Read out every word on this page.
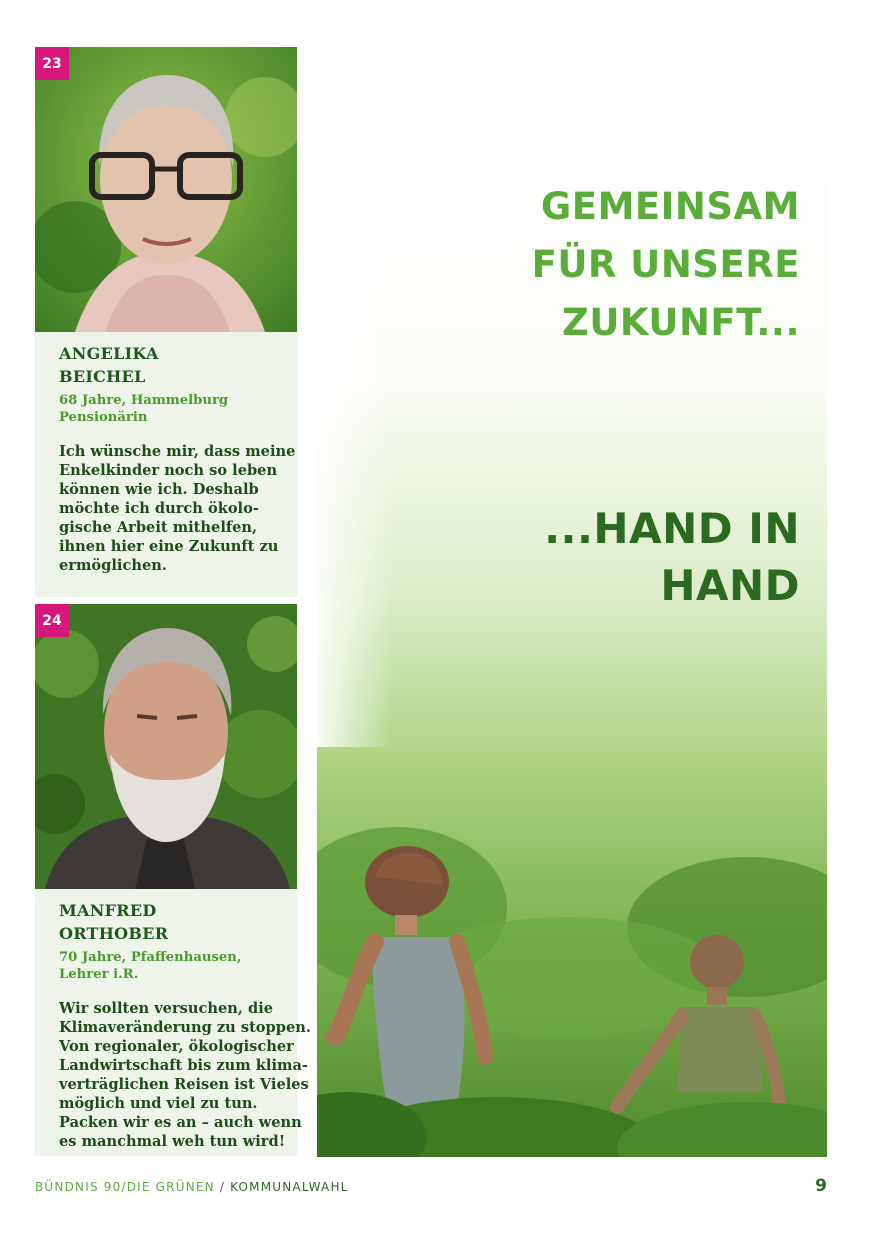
23

ANGELIKA
BEICHEL

68 Jahre, Hammelburg
Pensionärin

Ich wünsche mir, dass meine
Enkelkinder noch so leben
können wie ich. Deshalb
möchte ich durch ökolo-
gische Arbeit mithelfen,
ihnen hier eine Zukunft zu
ermöglichen.

24

MANFRED
ORTHOBER

70 Jahre, Pfaffenhausen,
Lehrer i.R.

Wir sollten versuchen, die
Klimaveränderung zu stoppen.
Von regionaler, ökologischer
Landwirtschaft bis zum klima-
verträglichen Reisen ist Vieles
möglich und viel zu tun.
Packen wir es an – auch wenn
es manchmal weh tun wird!

GEMEINSAM
FÜR UNSERE
ZUKUNFT...
...HAND IN
HAND

BÜNDNIS 90/DIE GRÜNEN / KOMMUNALWAHL	9
